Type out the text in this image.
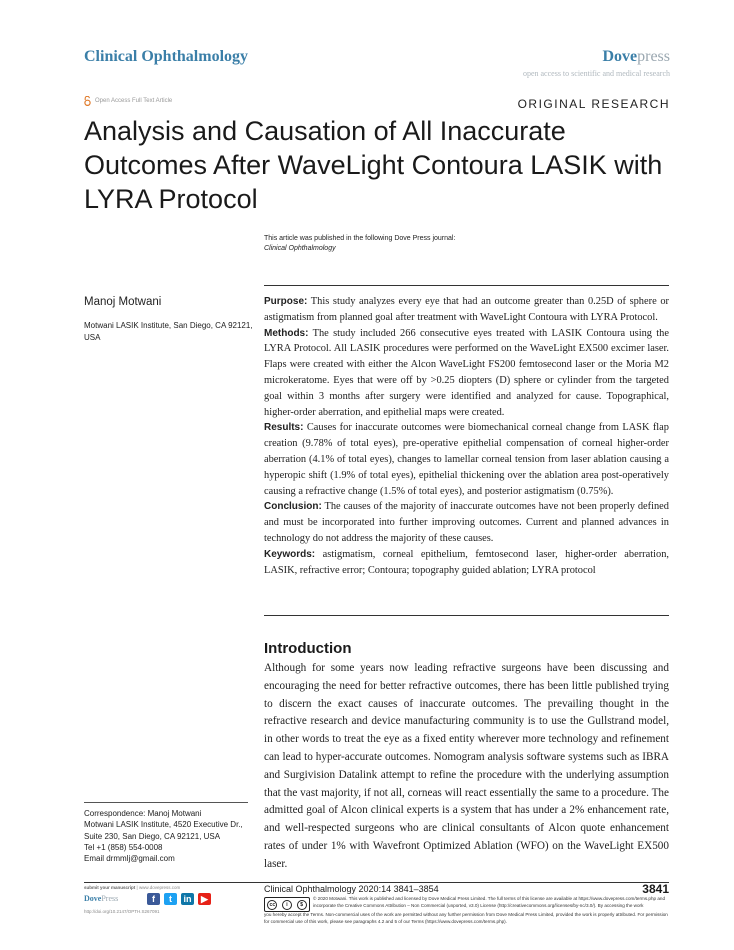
Clinical Ophthalmology	Dovepress
open access to scientific and medical research
Open Access Full Text Article	ORIGINAL RESEARCH
Analysis and Causation of All Inaccurate Outcomes After WaveLight Contoura LASIK with LYRA Protocol
This article was published in the following Dove Press journal:
Clinical Ophthalmology
Manoj Motwani
Motwani LASIK Institute, San Diego, CA 92121, USA

Purpose: This study analyzes every eye that had an outcome greater than 0.25D of sphere or astigmatism from planned goal after treatment with WaveLight Contoura with LYRA Protocol.

Methods: The study included 266 consecutive eyes treated with LASIK Contoura using the LYRA Protocol. All LASIK procedures were performed on the WaveLight EX500 excimer laser. Flaps were created with either the Alcon WaveLight FS200 femtosecond laser or the Moria M2 microkeratome. Eyes that were off by >0.25 diopters (D) sphere or cylinder from the targeted goal within 3 months after surgery were identified and analyzed for cause. Topographical, higher-order aberration, and epithelial maps were created.

Results: Causes for inaccurate outcomes were biomechanical corneal change from LASK flap creation (9.78% of total eyes), pre-operative epithelial compensation of corneal higher-order aberration (4.1% of total eyes), changes to lamellar corneal tension from laser ablation causing a hyperopic shift (1.9% of total eyes), epithelial thickening over the ablation area post-operatively causing a refractive change (1.5% of total eyes), and posterior astigmatism (0.75%).

Conclusion: The causes of the majority of inaccurate outcomes have not been properly defined and must be incorporated into further improving outcomes. Current and planned advances in technology do not address the majority of these causes.

Keywords: astigmatism, corneal epithelium, femtosecond laser, higher-order aberration, LASIK, refractive error; Contoura; topography guided ablation; LYRA protocol

Introduction

Although for some years now leading refractive surgeons have been discussing and encouraging the need for better refractive outcomes, there has been little published trying to discern the exact causes of inaccurate outcomes. The prevailing thought in the refractive research and device manufacturing community is to use the Gullstrand model, in other words to treat the eye as a fixed entity wherever more technology and refinement can lead to hyper-accurate outcomes. Nomogram analysis software systems such as IBRA and Surgivision Datalink attempt to refine the procedure with the underlying assumption that the vast majority, if not all, corneas will react essentially the same to a procedure. The admitted goal of Alcon clinical experts is a system that has under a 2% enhancement rate, and well-respected surgeons who are clinical consultants of Alcon quote enhancement rates of under 1% with Wavefront Optimized Ablation (WFO) on the WaveLight EX500 laser.

Correspondence: Manoj Motwani
Motwani LASIK Institute, 4520 Executive Dr., Suite 230, San Diego, CA 92121, USA
Tel +1 (858) 554-0008
Email drmmlj@gmail.com
submit your manuscript | www.dovepress.com
DovePress	f	t	in	▶
http://doi.org/10.2147/OPTH.S267091
Clinical Ophthalmology 2020:14 3841–3854	3841
cc	i	$
© 2020 Motwani. This work is published and licensed by Dove Medical Press Limited. The full terms of this license are available at https://www.dovepress.com/terms.php and incorporate the Creative Commons Attribution – Non Commercial (unported, v3.0) License (http://creativecommons.org/licenses/by-nc/3.0/). By accessing the work
you hereby accept the Terms. Non-commercial uses of the work are permitted without any further permission from Dove Medical Press Limited, provided the work is properly attributed. For permission for commercial use of this work, please see paragraphs 4.2 and 5 of our Terms (https://www.dovepress.com/terms.php).
